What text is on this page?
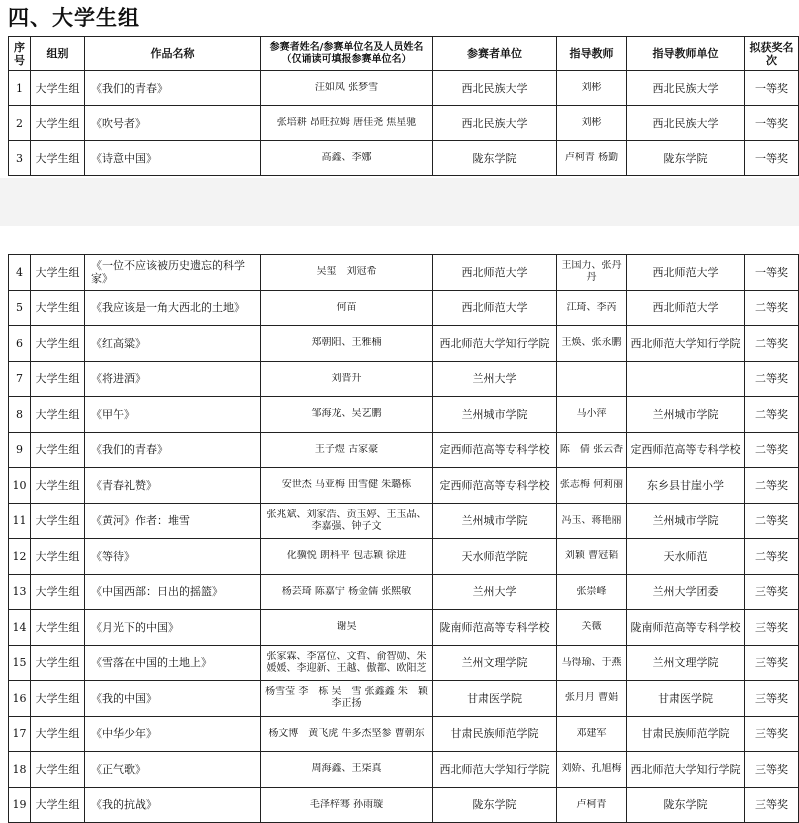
四、大学生组
序号	组别	作品名称	参赛者姓名/参赛单位名及人员姓名（仅诵读可填报参赛单位名）	参赛者单位	指导教师	指导教师单位	拟获奖名次

1	大学生组	《我们的青春》	汪如凤 张梦雪	西北民族大学	刘彬	西北民族大学	一等奖

2	大学生组	《吹号者》	张培耕 昂旺拉姆 唐佳尧 焦星驰	西北民族大学	刘彬	西北民族大学	一等奖

3	大学生组	《诗意中国》	高鑫、李娜	陇东学院	卢柯青 杨勤	陇东学院	一等奖
4	大学生组	《一位不应该被历史遗忘的科学家》	吴玺　刘冠希	西北师范大学	王国力、张丹丹	西北师范大学	一等奖

5	大学生组	《我应该是一角大西北的土地》	何苗	西北师范大学	江琦、李芮	西北师范大学	二等奖

6	大学生组	《红高粱》	郑朝阳、王雅楠	西北师范大学知行学院	王焕、张永鹏	西北师范大学知行学院	二等奖

7	大学生组	《将进酒》	刘晋升	兰州大学			二等奖

8	大学生组	《甲午》	邹海龙、吴艺鹏	兰州城市学院	马小萍	兰州城市学院	二等奖

9	大学生组	《我们的青春》	王子煜 古家豪	定西师范高等专科学校	陈　倩 张云香	定西师范高等专科学校	二等奖

10	大学生组	《青春礼赞》	安世杰 马亚梅 田雪健 朱璐栋	定西师范高等专科学校	张志梅 何莉丽	东乡县甘崖小学	二等奖

11	大学生组	《黄河》作者：堆雪	张兆斌、刘家浩、贡玉婷、王玉晶、李嘉强、钟子文	兰州城市学院	冯玉、蒋艳丽	兰州城市学院	二等奖

12	大学生组	《等待》	化骥悦 朗科平 包志颖 徐进	天水师范学院	刘颖 曹冠韬	天水师范	二等奖

13	大学生组	《中国西部：日出的摇篮》	杨芸琦 陈嘉宁 杨金儒 张熙敏	兰州大学	张崇峰	兰州大学团委	三等奖

14	大学生组	《月光下的中国》	谢昊	陇南师范高等专科学校	关薇	陇南师范高等专科学校	三等奖

15	大学生组	《雪落在中国的土地上》	张家霖、李富位、文哲、俞智勋、朱媛媛、李迎新、王越、傲都、欧阳芝	兰州文理学院	马得瑜、于燕	兰州文理学院	三等奖

16	大学生组	《我的中国》	杨雪莹 李　栋 吴　雪 张鑫鑫 朱　颖 李正扬	甘肃医学院	张月月 曹娟	甘肃医学院	三等奖

17	大学生组	《中华少年》	杨文博　黄飞虎 牛多杰坚参 曹朝东	甘肃民族师范学院	邓建军	甘肃民族师范学院	三等奖

18	大学生组	《正气歌》	周海鑫、王柒真	西北师范大学知行学院	刘娇、孔旭梅	西北师范大学知行学院	三等奖

19	大学生组	《我的抗战》	毛泽梓骞 孙雨璇	陇东学院	卢柯青	陇东学院	三等奖
